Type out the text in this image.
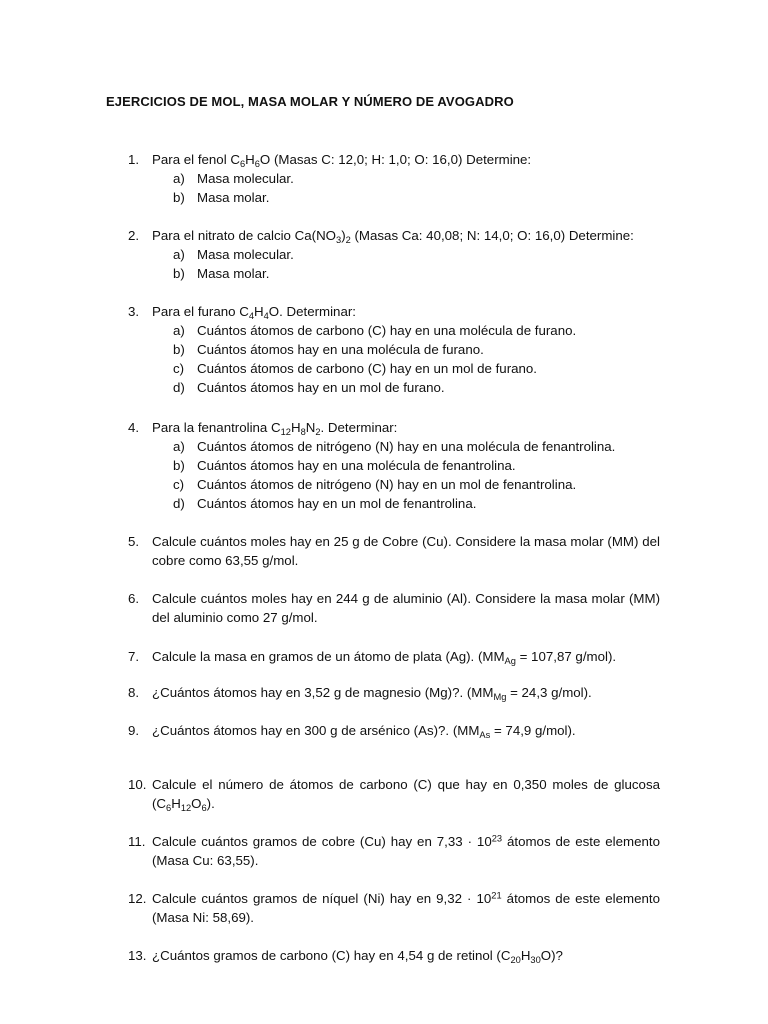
EJERCICIOS DE MOL, MASA MOLAR Y NÚMERO DE AVOGADRO
1. Para el fenol $C_6H_6O$ (Masas C: 12,0; H: 1,0; O: 16,0) Determine:
a) Masa molecular.
b) Masa molar.
2. Para el nitrato de calcio $Ca(NO_3)_2$ (Masas Ca: 40,08; N: 14,0; O: 16,0) Determine:
a) Masa molecular.
b) Masa molar.
3. Para el furano $C_4H_4O$. Determinar:
a) Cuántos átomos de carbono (C) hay en una molécula de furano.
b) Cuántos átomos hay en una molécula de furano.
c) Cuántos átomos de carbono (C) hay en un mol de furano.
d) Cuántos átomos hay en un mol de furano.
4. Para la fenantrolina $C_{12}H_8N_2$. Determinar:
a) Cuántos átomos de nitrógeno (N) hay en una molécula de fenantrolina.
b) Cuántos átomos hay en una molécula de fenantrolina.
c) Cuántos átomos de nitrógeno (N) hay en un mol de fenantrolina.
d) Cuántos átomos hay en un mol de fenantrolina.
5. Calcule cuántos moles hay en 25 g de Cobre (Cu). Considere la masa molar (MM) del cobre como 63,55 g/mol.
6. Calcule cuántos moles hay en 244 g de aluminio (Al). Considere la masa molar (MM) del aluminio como 27 g/mol.
7. Calcule la masa en gramos de un átomo de plata (Ag). ($MM_{Ag} = 107,87$ g/mol).
8. ¿Cuántos átomos hay en 3,52 g de magnesio (Mg)?. ($MM_{Mg} = 24,3$ g/mol).
9. ¿Cuántos átomos hay en 300 g de arsénico (As)?. ($MM_{As} = 74,9$ g/mol).
10. Calcule el número de átomos de carbono (C) que hay en 0,350 moles de glucosa $(C_6H_{12}O_6)$.
11. Calcule cuántos gramos de cobre (Cu) hay en $7,33 \cdot 10^{23}$ átomos de este elemento (Masa Cu: 63,55).
12. Calcule cuántos gramos de níquel (Ni) hay en $9,32 \cdot 10^{21}$ átomos de este elemento (Masa Ni: 58,69).
13. ¿Cuántos gramos de carbono (C) hay en 4,54 g de retinol $(C_{20}H_{30}O)$?
